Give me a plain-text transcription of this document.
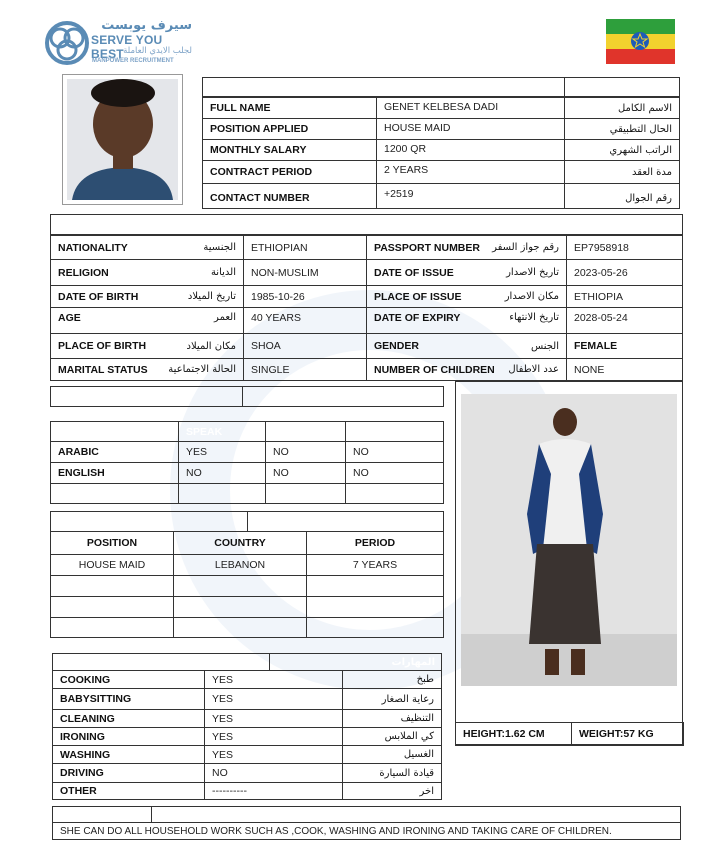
سيرف يوبست
SERVE YOU BEST لجلب الايدي العاملة
MANPOWER RECRUITMENT
EMPLOYMENT DETAILS	REF :CSFE-25-2818
FULL NAME	GENET KELBESA DADI	الاسم الكامل
POSITION APPLIED	HOUSE MAID	الحال التطبيقي
MONTHLY SALARY	1200 QR	الراتب الشهري
CONTRACT PERIOD	2 YEARS	مدة العقد
CONTACT NUMBER	+2519	رقم الجوال
OTHER DETAILS OF APPLICANT
NATIONALITY	الجنسية	ETHIOPIAN	PASSPORT NUMBER رقم جواز السفر	EP7958918
RELIGION	الديانة	NON-MUSLIM	DATE OF ISSUE	تاريخ الاصدار	2023-05-26
DATE OF BIRTH	تاريخ الميلاد	1985-10-26	PLACE OF ISSUE	مكان الاصدار	ETHIOPIA
AGE	العمر	40 YEARS	DATE OF EXPIRY	تاريخ الانتهاء	2028-05-24
PLACE OF BIRTH	مكان الميلاد	SHOA	GENDER	الجنس	FEMALE
MARITAL STATUS الحالة الاجتماعية	SINGLE	NUMBER OF CHILDREN عدد الاطفال	NONE
EDUCATION LEVEL
LANGUAGE LITERACY	SPEAK	READ	WRITE
ARABIC	YES	NO	NO
ENGLISH	NO	NO	NO
WORK EXPERIENCE
POSITION	COUNTRY	PERIOD
HOUSE MAID	LEBANON	7 YEARS
SKILLS	المهارات
COOKING	YES	طبخ
BABYSITTING	YES	رعاية الصغار
CLEANING	YES	التنظيف
IRONING	YES	كي الملابس
WASHING	YES	الغسيل
DRIVING	NO	قيادة السيارة
OTHER	----------	اخر
HEIGHT:1.62 CM	WEIGHT:57 KG
REMARKS
SHE CAN DO ALL HOUSEHOLD WORK SUCH AS ,COOK, WASHING AND IRONING AND TAKING CARE OF CHILDREN.
